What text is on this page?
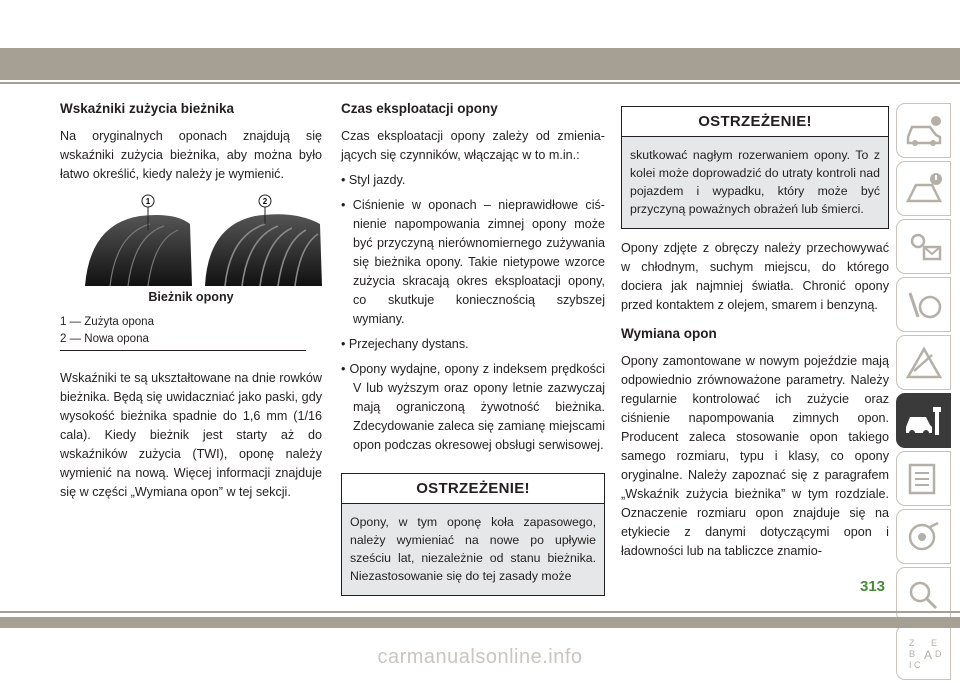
Wskaźniki zużycia bieżnika

Na oryginalnych oponach znajdują się wskaźniki zużycia bieżnika, aby można było łatwo określić, kiedy należy je wymienić.

1	2
Bieżnik opony
1 — Zużyta opona
2 — Nowa opona

Wskaźniki te są ukształtowane na dnie rowków bieżnika. Będą się uwidaczniać jako paski, gdy wysokość bieżnika spadnie do 1,6 mm (1/16 cala). Kiedy bieżnik jest starty aż do wskaźników zużycia (TWI), oponę należy wymienić na nową. Więcej informacji znajduje się w części „Wymiana opon” w tej sekcji.

Czas eksploatacji opony

Czas eksploatacji opony zależy od zmieniających się czynników, włączając w to m.in.:

• Styl jazdy.

• Ciśnienie w oponach – nieprawidłowe ciśnienie napompowania zimnej opony może być przyczyną nierównomiernego zużywania się bieżnika opony. Takie nietypowe wzorce zużycia skracają okres eksploatacji opony, co skutkuje koniecznością szybszej wymiany.

• Przejechany dystans.

• Opony wydajne, opony z indeksem prędkości V lub wyższym oraz opony letnie zazwyczaj mają ograniczoną żywotność bieżnika. Zdecydowanie zaleca się zamianę miejscami opon podczas okresowej obsługi serwisowej.

OSTRZEŻENIE!

Opony, w tym oponę koła zapasowego, należy wymieniać na nowe po upływie sześciu lat, niezależnie od stanu bieżnika. Niezastosowanie się do tej zasady może

OSTRZEŻENIE!

skutkować nagłym rozerwaniem opony. To z kolei może doprowadzić do utraty kontroli nad pojazdem i wypadku, który może być przyczyną poważnych obrażeń lub śmierci.

Opony zdjęte z obręczy należy przechowywać w chłodnym, suchym miejscu, do którego dociera jak najmniej światła. Chronić opony przed kontaktem z olejem, smarem i benzyną.

Wymiana opon

Opony zamontowane w nowym pojeździe mają odpowiednio zrównoważone parametry. Należy regularnie kontrolować ich zużycie oraz ciśnienie napompowania zimnych opon. Producent zaleca stosowanie opon takiego samego rozmiaru, typu i klasy, co opony oryginalne. Należy zapoznać się z paragrafem „Wskaźnik zużycia bieżnika” w tym rozdziale. Oznaczenie rozmiaru opon znajduje się na etykiecie z danymi dotyczącymi opon i ładowności lub na tabliczce znamio-

Z E
B A D
C
I
313
carmanualsonline.info
